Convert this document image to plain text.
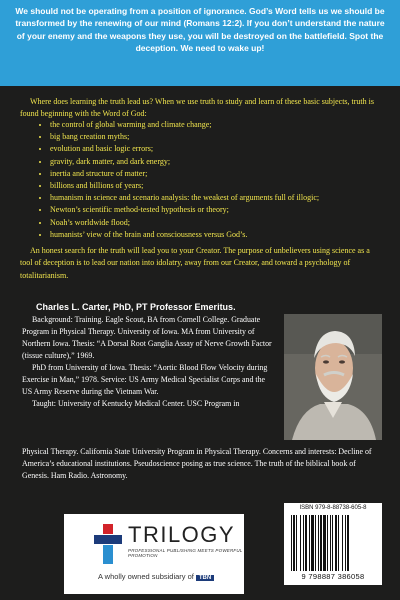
We should not be operating from a position of ignorance. God’s Word tells us we should be transformed by the renewing of our mind (Romans 12:2). If you don’t understand the nature of your enemy and the weapons they use, you will be destroyed on the battlefield. Spot the deception. We need to wake up!

Where does learning the truth lead us? When we use truth to study and learn of these basic subjects, truth is found beginning with the Word of God:

• the control of global warming and climate change;
• big bang creation myths;
• evolution and basic logic errors;
• gravity, dark matter, and dark energy;
• inertia and structure of matter;
• billions and billions of years;
• humanism in science and scenario analysis: the weakest of arguments full of illogic;
• Newton’s scientific method-tested hypothesis or theory;
• Noah’s worldwide flood;
• humanists’ view of the brain and consciousness versus God’s.

An honest search for the truth will lead you to your Creator. The purpose of unbelievers using science as a tool of deception is to lead our nation into idolatry, away from our Creator, and toward a psychology of totalitarianism.

Charles L. Carter, PhD, PT Professor Emeritus.

Background: Training. Eagle Scout, BA from Cornell College. Graduate Program in Physical Therapy. University of Iowa. MA from University of Northern Iowa. Thesis: “A Dorsal Root Ganglia Assay of Nerve Growth Factor (tissue culture),” 1969.

PhD from University of Iowa. Thesis: “Aortic Blood Flow Velocity during Exercise in Man,” 1978. Service: US Army Medical Specialist Corps and the US Army Reserve during the Vietnam War.

Taught: University of Kentucky Medical Center. USC Program in

Physical Therapy. California State University Program in Physical Therapy. Concerns and interests: Decline of America’s educational institutions. Pseudoscience posing as true science. The truth of the biblical book of Genesis. Ham Radio. Astronomy.

TRILOGY
PROFESSIONAL PUBLISHING MEETS POWERFUL PROMOTION
A wholly owned subsidiary of TBN
ISBN 979-8-88738-605-8
9 798887 386058
